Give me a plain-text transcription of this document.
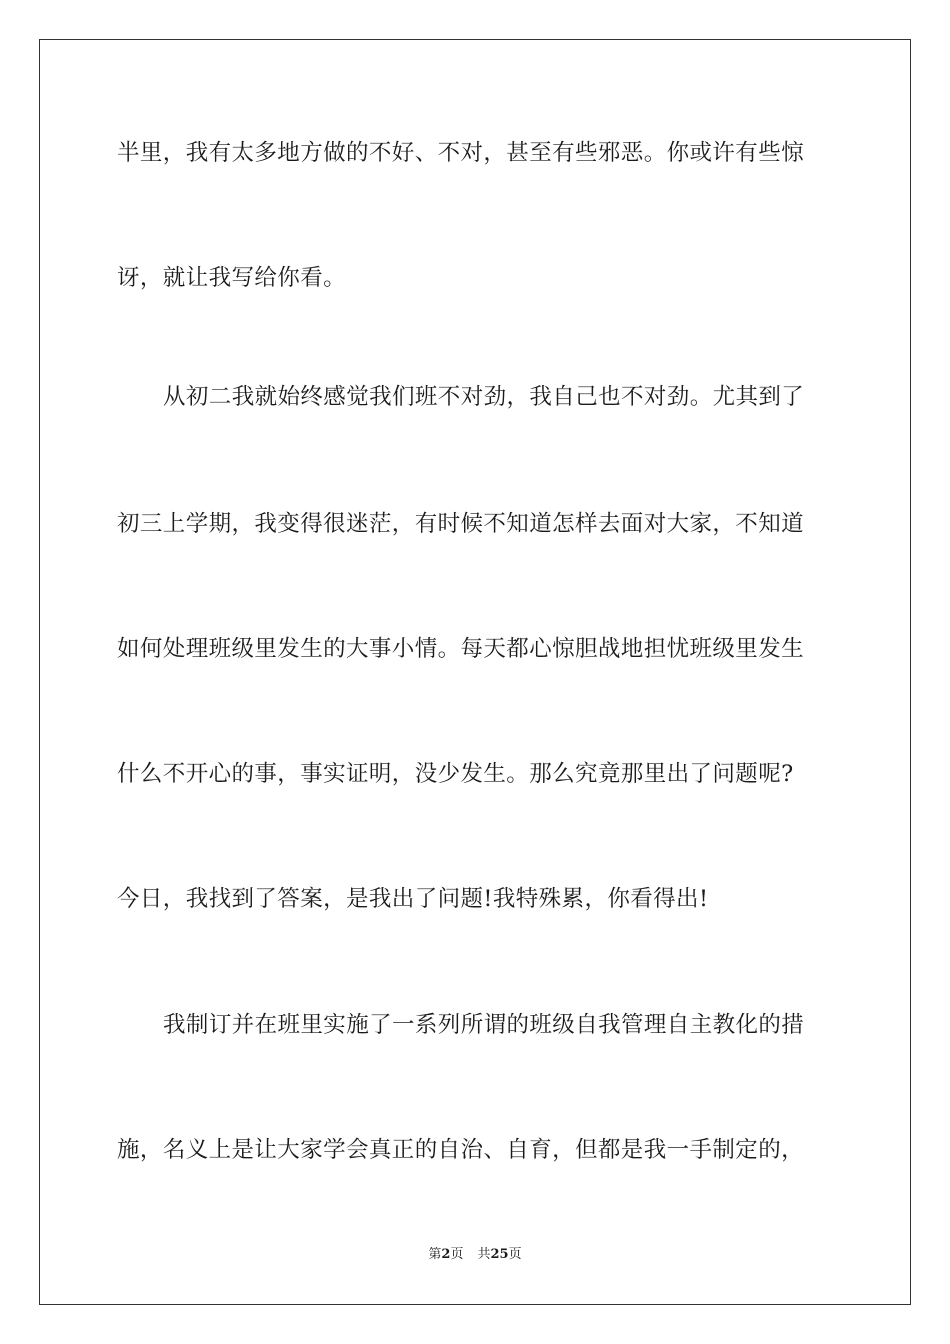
半里，我有太多地方做的不好、不对，甚至有些邪恶。你或许有些惊
讶，就让我写给你看。
从初二我就始终感觉我们班不对劲，我自己也不对劲。尤其到了
初三上学期，我变得很迷茫，有时候不知道怎样去面对大家，不知道
如何处理班级里发生的大事小情。每天都心惊胆战地担忧班级里发生
什么不开心的事，事实证明，没少发生。那么究竟那里出了问题呢?
今日，我找到了答案，是我出了问题!我特殊累，你看得出!
我制订并在班里实施了一系列所谓的班级自我管理自主教化的措
施，名义上是让大家学会真正的自治、自育，但都是我一手制定的，
第2页 共25页
